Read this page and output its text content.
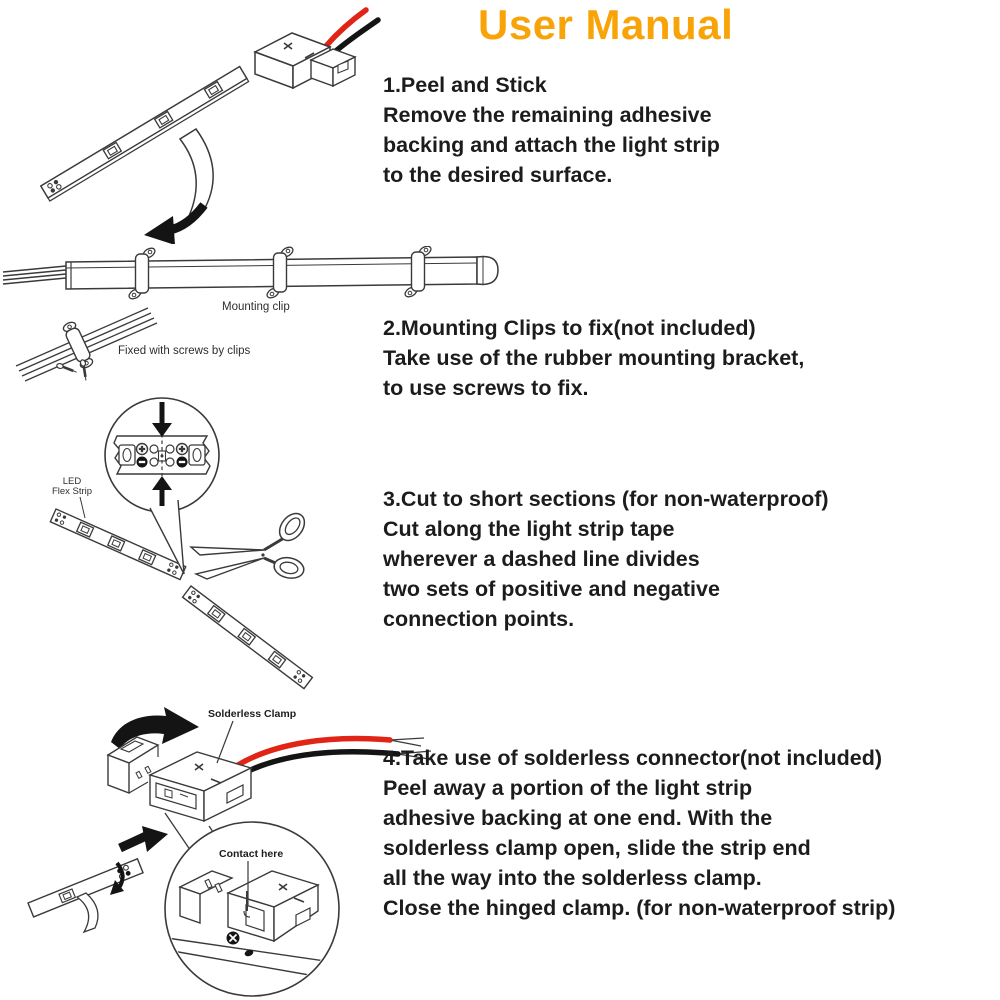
User Manual
1.Peel and Stick
Remove the remaining adhesive
backing and attach the light strip
to the desired surface.
Mounting clip
Fixed with screws by clips
2.Mounting Clips to fix(not included)
Take use of the rubber mounting bracket,
to use screws to fix.
LED
Flex Strip	3.Cut to short sections (for non-waterproof)
Cut along the light strip tape
wherever a dashed line divides
two sets of positive and negative
connection points.
Solderless Clamp
Contact here
4.Take use of solderless connector(not included)
Peel away a portion of the light strip
adhesive backing at one end. With the
solderless clamp open, slide the strip end
all the way into the solderless clamp.
Close the hinged clamp. (for non-waterproof strip)
